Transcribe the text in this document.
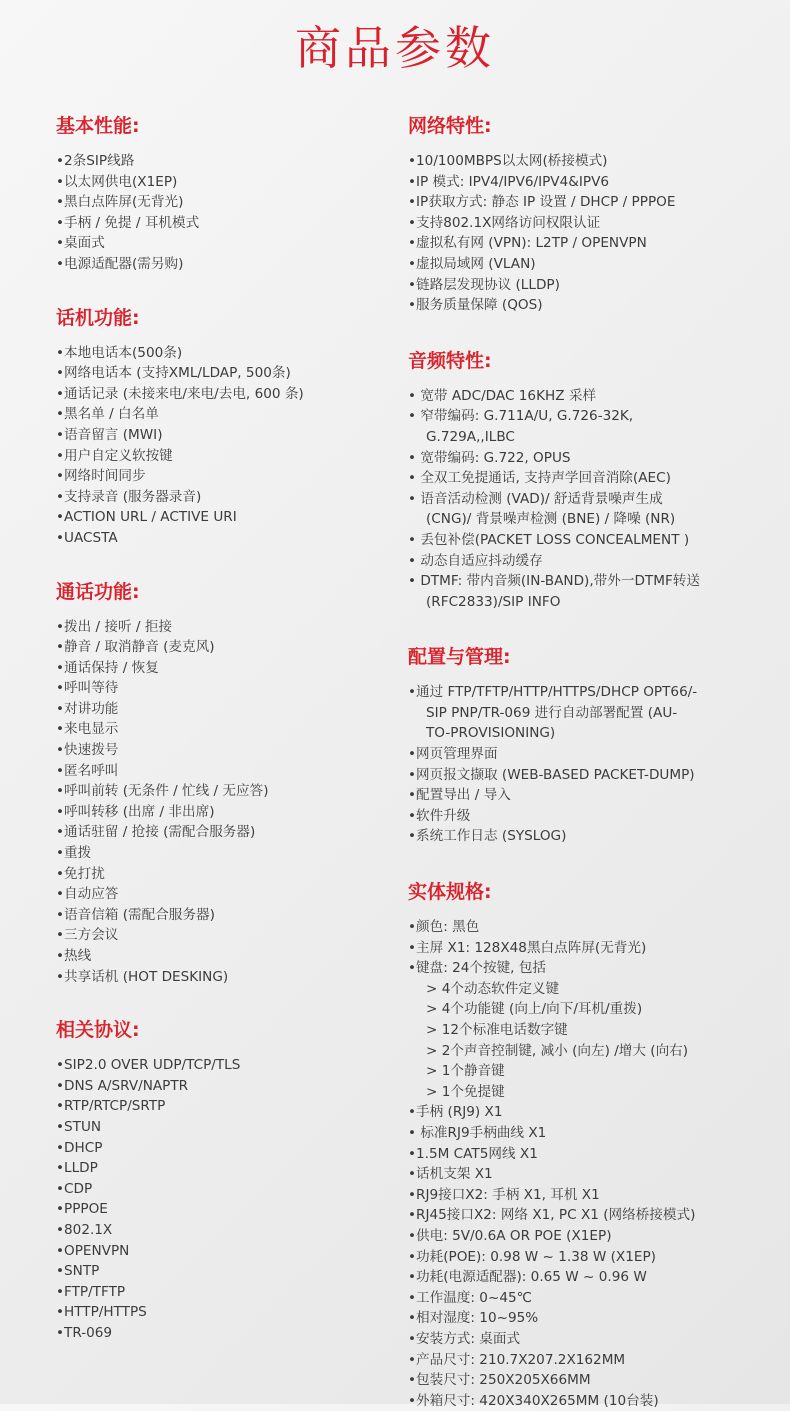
商品参数
基本性能:
•2条SIP线路
•以太网供电(X1EP)
•黑白点阵屏(无背光)
•手柄 / 免提 / 耳机模式
•桌面式
•电源适配器(需另购)
话机功能:
•本地电话本(500条)
•网络电话本 (支持XML/LDAP, 500条)
•通话记录 (未接来电/来电/去电, 600 条)
•黑名单 / 白名单
•语音留言 (MWI)
•用户自定义软按键
•网络时间同步
•支持录音 (服务器录音)
•ACTION URL / ACTIVE URI
•UACSTA
通话功能:
•拨出 / 接听 / 拒接
•静音 / 取消静音 (麦克风)
•通话保持 / 恢复
•呼叫等待
•对讲功能
•来电显示
•快速拨号
•匿名呼叫
•呼叫前转 (无条件 / 忙线 / 无应答)
•呼叫转移 (出席 / 非出席)
•通话驻留 / 抢接 (需配合服务器)
•重拨
•免打扰
•自动应答
•语音信箱 (需配合服务器)
•三方会议
•热线
•共享话机 (HOT DESKING)
相关协议:
•SIP2.0 OVER UDP/TCP/TLS
•DNS A/SRV/NAPTR
•RTP/RTCP/SRTP
•STUN
•DHCP
•LLDP
•CDP
•PPPOE
•802.1X
•OPENVPN
•SNTP
•FTP/TFTP
•HTTP/HTTPS
•TR-069
网络特性:
•10/100MBPS以太网(桥接模式)
•IP 模式: IPV4/IPV6/IPV4&IPV6
•IP获取方式: 静态 IP 设置 / DHCP / PPPOE
•支持802.1X网络访问权限认证
•虚拟私有网 (VPN): L2TP / OPENVPN
•虚拟局域网 (VLAN)
•链路层发现协议 (LLDP)
•服务质量保障 (QOS)
音频特性:
• 宽带 ADC/DAC 16KHZ 采样
• 窄带编码: G.711A/U, G.726-32K,
G.729A,,ILBC
• 宽带编码: G.722, OPUS
• 全双工免提通话, 支持声学回音消除(AEC)
• 语音活动检测 (VAD)/ 舒适背景噪声生成
(CNG)/ 背景噪声检测 (BNE) / 降噪 (NR)
• 丢包补偿(PACKET LOSS CONCEALMENT )
• 动态自适应抖动缓存
• DTMF: 带内音频(IN-BAND),带外一DTMF转送
(RFC2833)/SIP INFO
配置与管理:
•通过 FTP/TFTP/HTTP/HTTPS/DHCP OPT66/-
SIP PNP/TR-069 进行自动部署配置 (AU-
TO-PROVISIONING)
•网页管理界面
•网页报文撷取 (WEB-BASED PACKET-DUMP)
•配置导出 / 导入
•软件升级
•系统工作日志 (SYSLOG)
实体规格:
•颜色: 黑色
•主屏 X1: 128X48黑白点阵屏(无背光)
•键盘: 24个按键, 包括
> 4个动态软件定义键
> 4个功能键 (向上/向下/耳机/重拨)
> 12个标准电话数字键
> 2个声音控制键, 减小 (向左) /增大 (向右)
> 1个静音键
> 1个免提键
•手柄 (RJ9) X1
• 标准RJ9手柄曲线 X1
•1.5M CAT5网线 X1
•话机支架 X1
•RJ9接口X2: 手柄 X1, 耳机 X1
•RJ45接口X2: 网络 X1, PC X1 (网络桥接模式)
•供电: 5V/0.6A OR POE (X1EP)
•功耗(POE): 0.98 W ~ 1.38 W (X1EP)
•功耗(电源适配器): 0.65 W ~ 0.96 W
•工作温度: 0~45℃
•相对湿度: 10~95%
•安装方式: 桌面式
•产品尺寸: 210.7X207.2X162MM
•包装尺寸: 250X205X66MM
•外箱尺寸: 420X340X265MM (10台装)
